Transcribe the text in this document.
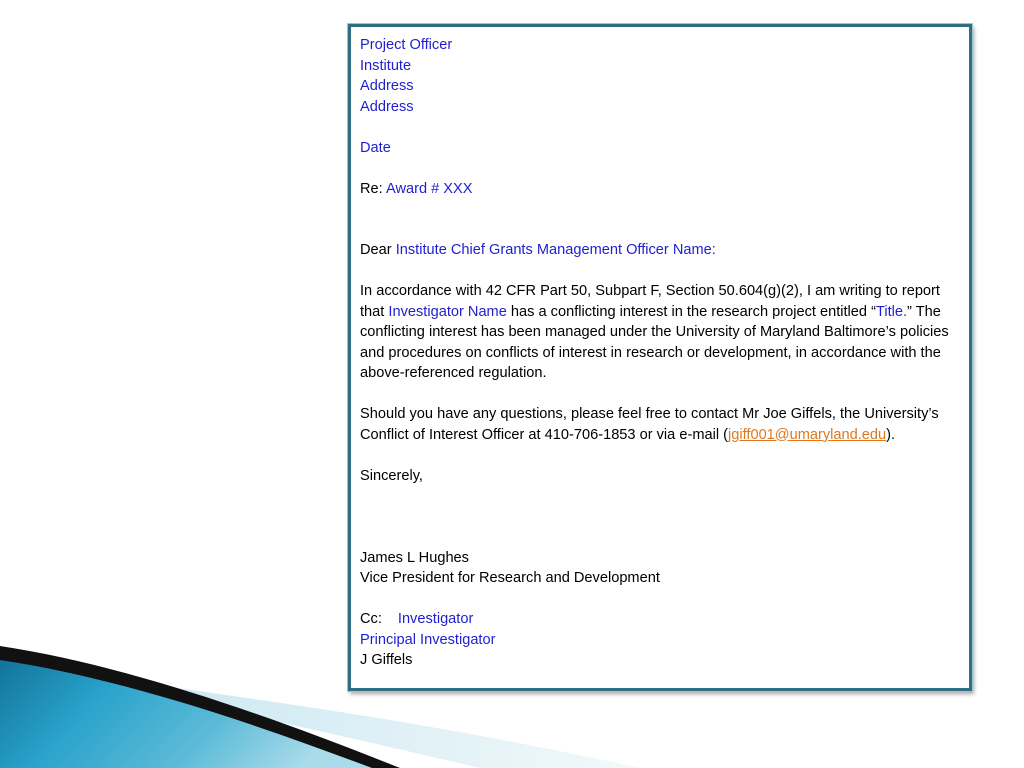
Project Officer
Institute
Address
Address
Date
Re: Award # XXX
Dear Institute Chief Grants Management Officer Name:
In accordance with 42 CFR Part 50, Subpart F, Section 50.604(g)(2), I am writing to report that Investigator Name has a conflicting interest in the research project entitled “Title.” The conflicting interest has been managed under the University of Maryland Baltimore’s policies and procedures on conflicts of interest in research or development, in accordance with the above-referenced regulation.
Should you have any questions, please feel free to contact Mr Joe Giffels, the University’s Conflict of Interest Officer at 410-706-1853 or via e-mail (jgiff001@umaryland.edu).
Sincerely,
James L Hughes
Vice President for Research and Development
Cc: Investigator
Principal Investigator
J Giffels
